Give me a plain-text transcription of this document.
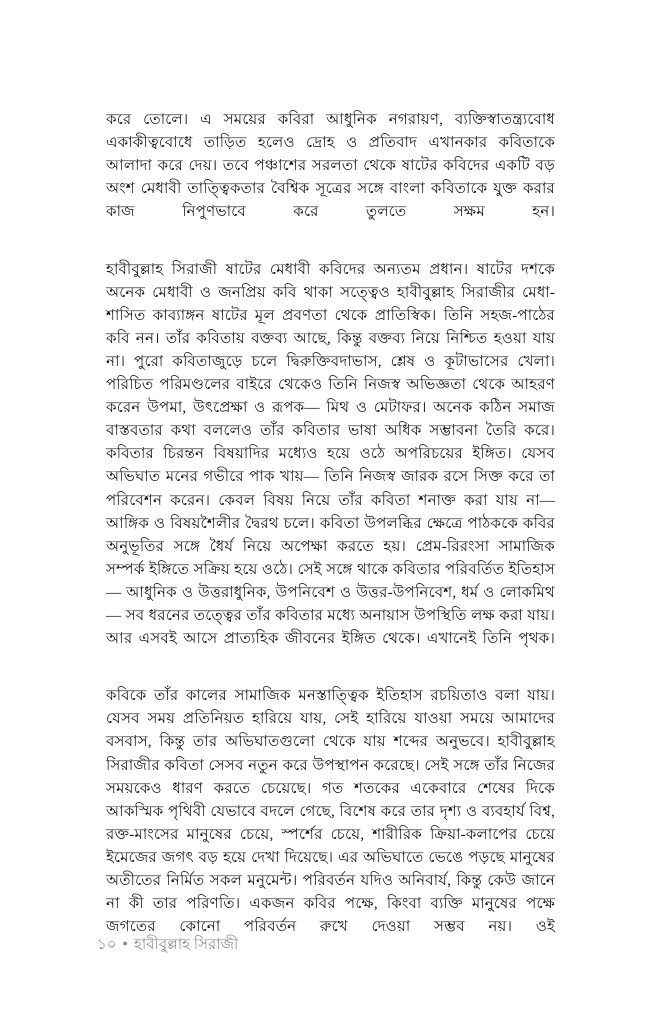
করে তোলে। এ সময়ের কবিরা আধুনিক নগরায়ণ, ব্যক্তিস্বাতন্ত্র্যবোধ একাকীত্ববোধে তাড়িত হলেও দ্রোহ ও প্রতিবাদ এখানকার কবিতাকে আলাদা করে দেয়। তবে পঞ্চাশের সরলতা থেকে ষাটের কবিদের একটি বড় অংশ মেধাবী তাত্ত্বিকতার বৈশ্বিক সূত্রের সঙ্গে বাংলা কবিতাকে যুক্ত করার কাজ নিপুণভাবে করে তুলতে সক্ষম হন।

হাবীবুল্লাহ সিরাজী ষাটের মেধাবী কবিদের অন্যতম প্রধান। ষাটের দশকে অনেক মেধাবী ও জনপ্রিয় কবি থাকা সত্ত্বেও হাবীবুল্লাহ সিরাজীর মেধা-শাসিত কাব্যাঙ্গন ষাটের মূল প্রবণতা থেকে প্রাতিস্বিক। তিনি সহজ-পাঠের কবি নন। তাঁর কবিতায় বক্তব্য আছে, কিন্তু বক্তব্য নিয়ে নিশ্চিত হওয়া যায় না। পুরো কবিতাজুড়ে চলে দ্বিরুক্তিবদাভাস, শ্লেষ ও কূটাভাসের খেলা। পরিচিত পরিমণ্ডলের বাইরে থেকেও তিনি নিজস্ব অভিজ্ঞতা থেকে আহরণ করেন উপমা, উৎপ্রেক্ষা ও রূপক— মিথ ও মেটাফর। অনেক কঠিন সমাজ বাস্তবতার কথা বললেও তাঁর কবিতার ভাষা অধিক সম্ভাবনা তৈরি করে। কবিতার চিরন্তন বিষয়াদির মধ্যেও হয়ে ওঠে অপরিচয়ের ইঙ্গিত। যেসব অভিঘাত মনের গভীরে পাক খায়— তিনি নিজস্ব জারক রসে সিক্ত করে তা পরিবেশন করেন। কেবল বিষয় নিয়ে তাঁর কবিতা শনাক্ত করা যায় না— আঙ্গিক ও বিষয়শৈলীর দ্বৈরথ চলে। কবিতা উপলব্ধির ক্ষেত্রে পাঠককে কবির অনুভূতির সঙ্গে ধৈর্য নিয়ে অপেক্ষা করতে হয়। প্রেম-রিরংসা সামাজিক সম্পর্ক ইঙ্গিতে সক্রিয় হয়ে ওঠে। সেই সঙ্গে থাকে কবিতার পরিবর্তিত ইতিহাস— আধুনিক ও উত্তরাধুনিক, উপনিবেশ ও উত্তর-উপনিবেশ, ধর্ম ও লোকমিথ— সব ধরনের তত্ত্বের তাঁর কবিতার মধ্যে অনায়াস উপস্থিতি লক্ষ করা যায়। আর এসবই আসে প্রাত্যহিক জীবনের ইঙ্গিত থেকে। এখানেই তিনি পৃথক।

কবিকে তাঁর কালের সামাজিক মনস্তাত্ত্বিক ইতিহাস রচয়িতাও বলা যায়। যেসব সময় প্রতিনিয়ত হারিয়ে যায়, সেই হারিয়ে যাওয়া সময়ে আমাদের বসবাস, কিন্তু তার অভিঘাতগুলো থেকে যায় শব্দের অনুভবে। হাবীবুল্লাহ সিরাজীর কবিতা সেসব নতুন করে উপস্থাপন করেছে। সেই সঙ্গে তাঁর নিজের সময়কেও ধারণ করতে চেয়েছে। গত শতকের একেবারে শেষের দিকে আকস্মিক পৃথিবী যেভাবে বদলে গেছে, বিশেষ করে তার দৃশ্য ও ব্যবহার্য বিশ্ব, রক্ত-মাংসের মানুষের চেয়ে, স্পর্শের চেয়ে, শারীরিক ক্রিয়া-কলাপের চেয়ে ইমেজের জগৎ বড় হয়ে দেখা দিয়েছে। এর অভিঘাতে ভেঙে পড়ছে মানুষের অতীতের নির্মিত সকল মনুমেন্ট। পরিবর্তন যদিও অনিবার্য, কিন্তু কেউ জানে না কী তার পরিণতি। একজন কবির পক্ষে, কিংবা ব্যক্তি মানুষের পক্ষে জগতের কোনো পরিবর্তন রুখে দেওয়া সম্ভব নয়। ওই

১০ ● হাবীবুল্লাহ সিরাজী
